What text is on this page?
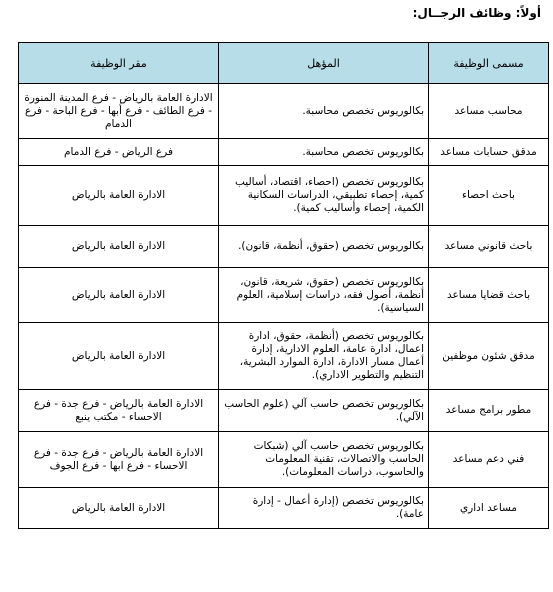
أولاً: وظائف الرجــال:
مسمى الوظيفة	المؤهل	مقر الوظيفة
محاسب مساعد	بكالوريوس تخصص محاسبة.	الادارة العامة بالرياض - فرع المدينة المنورة - فرع الطائف - فرع أبها - فرع الباحة - فرع الدمام
مدقق حسابات مساعد	بكالوريوس تخصص محاسبة.	فرع الرياض - فرع الدمام
باحث احصاء	بكالوريوس تخصص (احصاء، اقتصاد، أساليب كمية، إحصاء تطبيقي، الدراسات السكانية الكمية، إحصاء وأساليب كمية).	الادارة العامة بالرياض
باحث قانوني مساعد	بكالوريوس تخصص (حقوق، أنظمة، قانون).	الادارة العامة بالرياض
باحث قضايا مساعد	بكالوريوس تخصص (حقوق، شريعة، قانون، أنظمة، أصول فقه، دراسات إسلامية، العلوم السياسية).	الادارة العامة بالرياض
مدقق شئون موظفين	بكالوريوس تخصص (أنظمة، حقوق، ادارة اعمال، ادارة عامة، العلوم الادارية، إدارة أعمال مسار الادارة، ادارة الموارد البشرية، التنظيم والتطوير الاداري).	الادارة العامة بالرياض
مطور برامج مساعد	بكالوريوس تخصص حاسب آلي (علوم الحاسب الآلي).	الادارة العامة بالرياض - فرع جدة - فرع الاحساء - مكتب ينبع
فني دعم مساعد	بكالوريوس تخصص حاسب آلي (شبكات الحاسب والاتصالات، تقنية المعلومات والحاسوب، دراسات المعلومات).	الادارة العامة بالرياض - فرع جدة - فرع الاحساء - فرع ابها - فرع الجوف
مساعد اداري	بكالوريوس تخصص (إدارة أعمال - إدارة عامة).	الادارة العامة بالرياض
